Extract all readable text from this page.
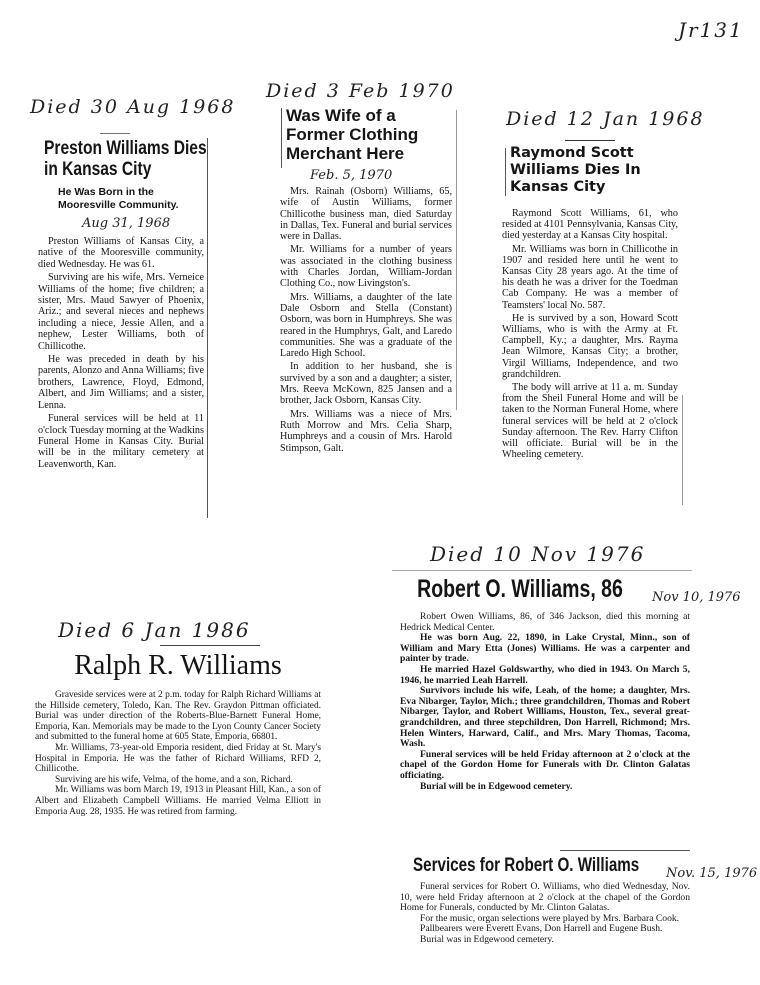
Jr131
Died 30 Aug 1968
Preston Williams Dies in Kansas City
He Was Born in the Mooresville Community.
Aug 31, 1968

Preston Williams of Kansas City, a native of the Mooresville community, died Wednesday. He was 61.

Surviving are his wife, Mrs. Verneice Williams of the home; five children; a sister, Mrs. Maud Sawyer of Phoenix, Ariz.; and several nieces and nephews including a niece, Jessie Allen, and a nephew, Lester Williams, both of Chillicothe.

He was preceded in death by his parents, Alonzo and Anna Williams; five brothers, Lawrence, Floyd, Edmond, Albert, and Jim Williams; and a sister, Lenna.

Funeral services will be held at 11 o'clock Tuesday morning at the Wadkins Funeral Home in Kansas City. Burial will be in the military cemetery at Leavenworth, Kan.

Died 3 Feb 1970
Was Wife of a Former Clothing Merchant Here
Feb. 5, 1970

Mrs. Rainah (Osborn) Williams, 65, wife of Austin Williams, former Chillicothe business man, died Saturday in Dallas, Tex. Funeral and burial services were in Dallas.

Mr. Williams for a number of years was associated in the clothing business with Charles Jordan, William-Jordan Clothing Co., now Livingston's.

Mrs. Williams, a daughter of the late Dale Osborn and Stella (Constant) Osborn, was born in Humphreys. She was reared in the Humphrys, Galt, and Laredo communities. She was a graduate of the Laredo High School.

In addition to her husband, she is survived by a son and a daughter; a sister, Mrs. Reeva McKown, 825 Jansen and a brother, Jack Osborn, Kansas City.

Mrs. Williams was a niece of Mrs. Ruth Morrow and Mrs. Celia Sharp, Humphreys and a cousin of Mrs. Harold Stimpson, Galt.

Died 12 Jan 1968
Raymond Scott Williams Dies In Kansas City

Raymond Scott Williams, 61, who resided at 4101 Pennsylvania, Kansas City, died yesterday at a Kansas City hospital.

Mr. Williams was born in Chillicothe in 1907 and resided here until he went to Kansas City 28 years ago. At the time of his death he was a driver for the Toedman Cab Company. He was a member of Teamsters' local No. 587.

He is survived by a son, Howard Scott Williams, who is with the Army at Ft. Campbell, Ky.; a daughter, Mrs. Rayma Jean Wilmore, Kansas City; a brother, Virgil Williams, Independence, and two grandchildren.

The body will arrive at 11 a. m. Sunday from the Sheil Funeral Home and will be taken to the Norman Funeral Home, where funeral services will be held at 2 o'clock Sunday afternoon. The Rev. Harry Clifton will officiate. Burial will be in the Wheeling cemetery.

Died 10 Nov 1976
Robert O. Williams, 86	Nov 10, 1976

Robert Owen Williams, 86, of 346 Jackson, died this morning at Hedrick Medical Center.

He was born Aug. 22, 1890, in Lake Crystal, Minn., son of William and Mary Etta (Jones) Williams. He was a carpenter and painter by trade.

He married Hazel Goldswarthy, who died in 1943. On March 5, 1946, he married Leah Harrell.

Survivors include his wife, Leah, of the home; a daughter, Mrs. Eva Nibarger, Taylor, Mich.; three grandchildren, Thomas and Robert Nibarger, Taylor, and Robert Williams, Houston, Tex., several great-grandchildren, and three stepchildren, Don Harrell, Richmond; Mrs. Helen Winters, Harward, Calif., and Mrs. Mary Thomas, Tacoma, Wash.

Funeral services will be held Friday afternoon at 2 o'clock at the chapel of the Gordon Home for Funerals with Dr. Clinton Galatas officiating.

Burial will be in Edgewood cemetery.

Services for Robert O. Williams Nov. 15, 1976

Funeral services for Robert O. Williams, who died Wednesday, Nov. 10, were held Friday afternoon at 2 o'clock at the chapel of the Gordon Home for Funerals, conducted by Mr. Clinton Galatas.

For the music, organ selections were played by Mrs. Barbara Cook.

Pallbearers were Everett Evans, Don Harrell and Eugene Bush.

Burial was in Edgewood cemetery.

Died 6 Jan 1986
Ralph R. Williams

Graveside services were at 2 p.m. today for Ralph Richard Williams at the Hillside cemetery, Toledo, Kan. The Rev. Graydon Pittman officiated. Burial was under direction of the Roberts-Blue-Barnett Funeral Home, Emporia, Kan. Memorials may be made to the Lyon County Cancer Society and submitted to the funeral home at 605 State, Emporia, 66801.

Mr. Williams, 73-year-old Emporia resident, died Friday at St. Mary's Hospital in Emporia. He was the father of Richard Williams, RFD 2, Chillicothe.

Surviving are his wife, Velma, of the home, and a son, Richard.

Mr. Williams was born March 19, 1913 in Pleasant Hill, Kan., a son of Albert and Elizabeth Campbell Williams. He married Velma Elliott in Emporia Aug. 28, 1935. He was retired from farming.
